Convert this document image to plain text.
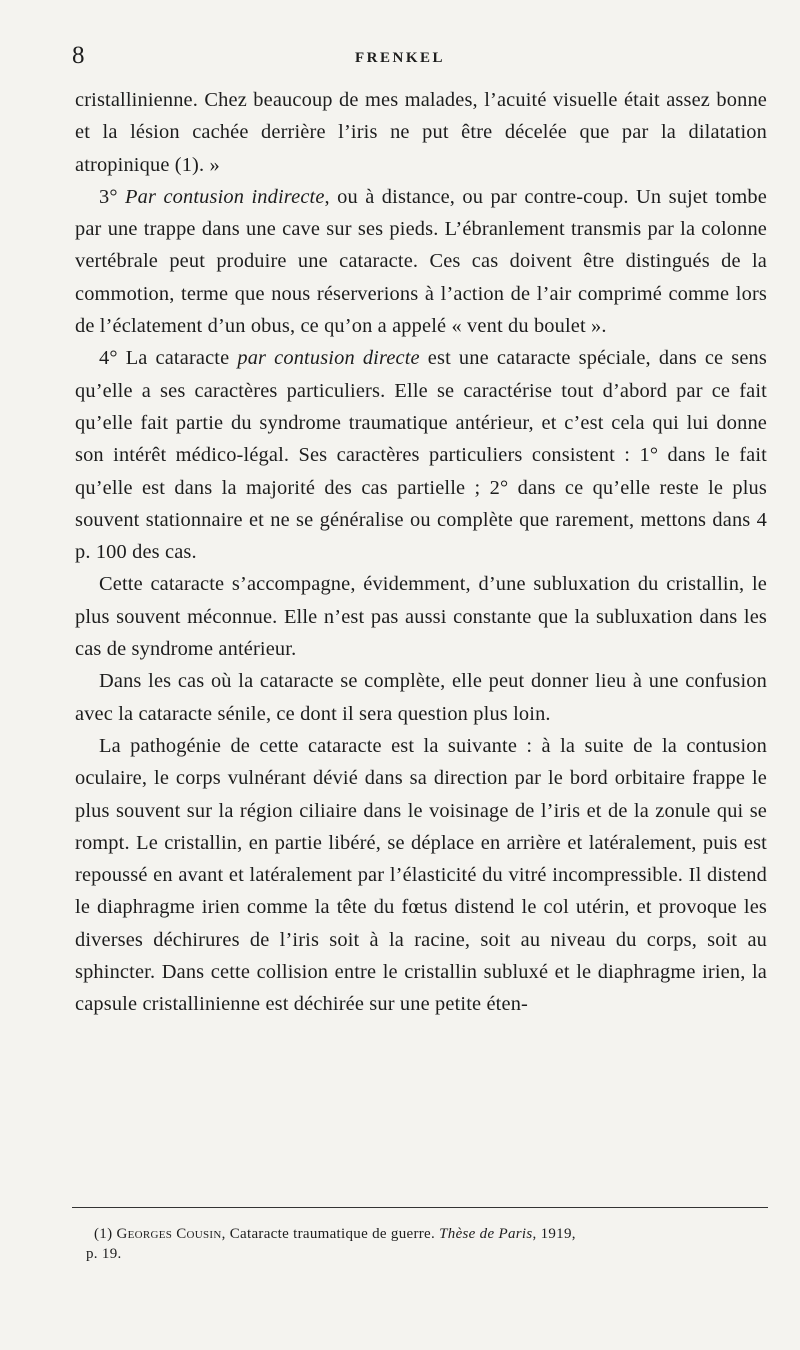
8	FRENKEL

cristallinienne. Chez beaucoup de mes malades, l’acuité visuelle était assez bonne et la lésion cachée derrière l’iris ne put être décelée que par la dilatation atropinique (1). »

3° Par contusion indirecte, ou à distance, ou par contre-coup. Un sujet tombe par une trappe dans une cave sur ses pieds. L’ébranlement transmis par la colonne vertébrale peut produire une cataracte. Ces cas doivent être distingués de la commotion, terme que nous réserverions à l’action de l’air comprimé comme lors de l’éclatement d’un obus, ce qu’on a appelé « vent du boulet ».

4° La cataracte par contusion directe est une cataracte spéciale, dans ce sens qu’elle a ses caractères particuliers. Elle se caractérise tout d’abord par ce fait qu’elle fait partie du syndrome traumatique antérieur, et c’est cela qui lui donne son intérêt médico-légal. Ses caractères particuliers consistent : 1° dans le fait qu’elle est dans la majorité des cas partielle ; 2° dans ce qu’elle reste le plus souvent stationnaire et ne se généralise ou complète que rarement, mettons dans 4 p. 100 des cas.

Cette cataracte s’accompagne, évidemment, d’une subluxation du cristallin, le plus souvent méconnue. Elle n’est pas aussi constante que la subluxation dans les cas de syndrome antérieur.

Dans les cas où la cataracte se complète, elle peut donner lieu à une confusion avec la cataracte sénile, ce dont il sera question plus loin.

La pathogénie de cette cataracte est la suivante : à la suite de la contusion oculaire, le corps vulnérant dévié dans sa direction par le bord orbitaire frappe le plus souvent sur la région ciliaire dans le voisinage de l’iris et de la zonule qui se rompt. Le cristallin, en partie libéré, se déplace en arrière et latéralement, puis est repoussé en avant et latéralement par l’élasticité du vitré incompressible. Il distend le diaphragme irien comme la tête du fœtus distend le col utérin, et provoque les diverses déchirures de l’iris soit à la racine, soit au niveau du corps, soit au sphincter. Dans cette collision entre le cristallin subluxé et le diaphragme irien, la capsule cristallinienne est déchirée sur une petite éten-

(1) Georges Cousin, Cataracte traumatique de guerre. Thèse de Paris, 1919,
p. 19.
